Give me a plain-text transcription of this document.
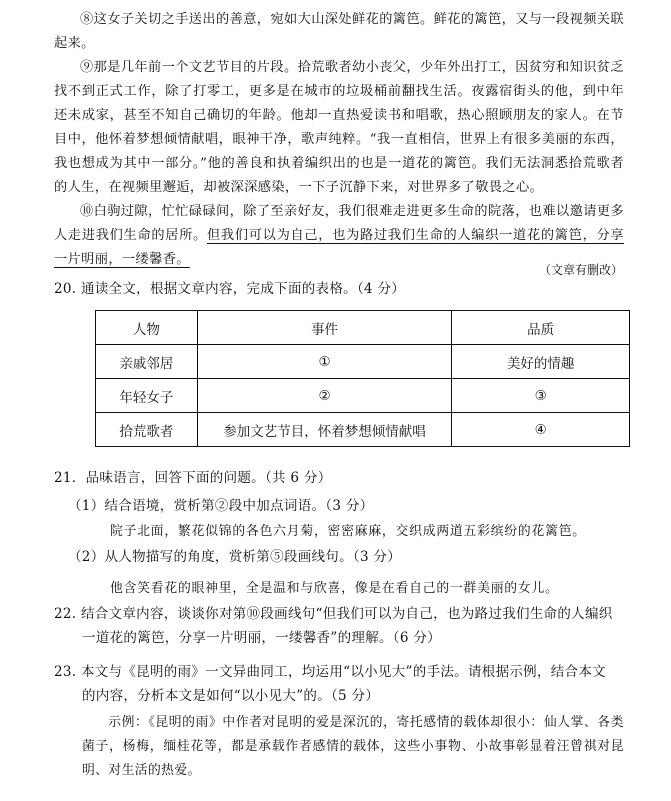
⑧这女子关切之手送出的善意，宛如大山深处鲜花的篱笆。鲜花的篱笆，又与一段视频关联起来。
⑨那是几年前一个文艺节目的片段。拾荒歌者幼小丧父，少年外出打工，因贫穷和知识贫乏找不到正式工作，除了打零工，更多是在城市的垃圾桶前翻找生活。夜露宿街头的他，到中年还未成家，甚至不知自己确切的年龄。他却一直热爱读书和唱歌，热心照顾朋友的家人。在节目中，他怀着梦想倾情献唱，眼神干净，歌声纯粹。“我一直相信，世界上有很多美丽的东西，我也想成为其中一部分。”他的善良和执着编织出的也是一道花的篱笆。我们无法洞悉拾荒歌者的人生，在视频里邂逅，却被深深感染，一下子沉静下来，对世界多了敬畏之心。
⑩白驹过隙，忙忙碌碌间，除了至亲好友，我们很难走进更多生命的院落，也难以邀请更多人走进我们生命的居所。但我们可以为自己，也为路过我们生命的人编织一道花的篱笆，分享一片明丽，一缕馨香。
（文章有删改）
20. 通读全文，根据文章内容，完成下面的表格。（4 分）
人物	事件	品质
亲戚邻居	①	美好的情趣
年轻女子	②	③
拾荒歌者	参加文艺节目，怀着梦想倾情献唱	④
21．品味语言，回答下面的问题。（共 6 分）
（1）结合语境，赏析第②段中加点词语。（3 分）
院子北面，繁花似锦的各色六月菊，密密麻麻，交织成两道五彩缤纷的花篱笆。
（2）从人物描写的角度，赏析第⑤段画线句。（3 分）
他含笑看花的眼神里，全是温和与欣喜，像是在看自己的一群美丽的女儿。
22. 结合文章内容，谈谈你对第⑩段画线句“但我们可以为自己，也为路过我们生命的人编织
一道花的篱笆，分享一片明丽，一缕馨香”的理解。（6 分）
23. 本文与《昆明的雨》一文异曲同工，均运用“以小见大”的手法。请根据示例，结合本文
的内容，分析本文是如何“以小见大”的。（5 分）
示例：《昆明的雨》中作者对昆明的爱是深沉的，寄托感情的载体却很小：仙人掌、各类菌子，杨梅，缅桂花等，都是承载作者感情的载体，这些小事物、小故事彰显着汪曾祺对昆明、对生活的热爱。
